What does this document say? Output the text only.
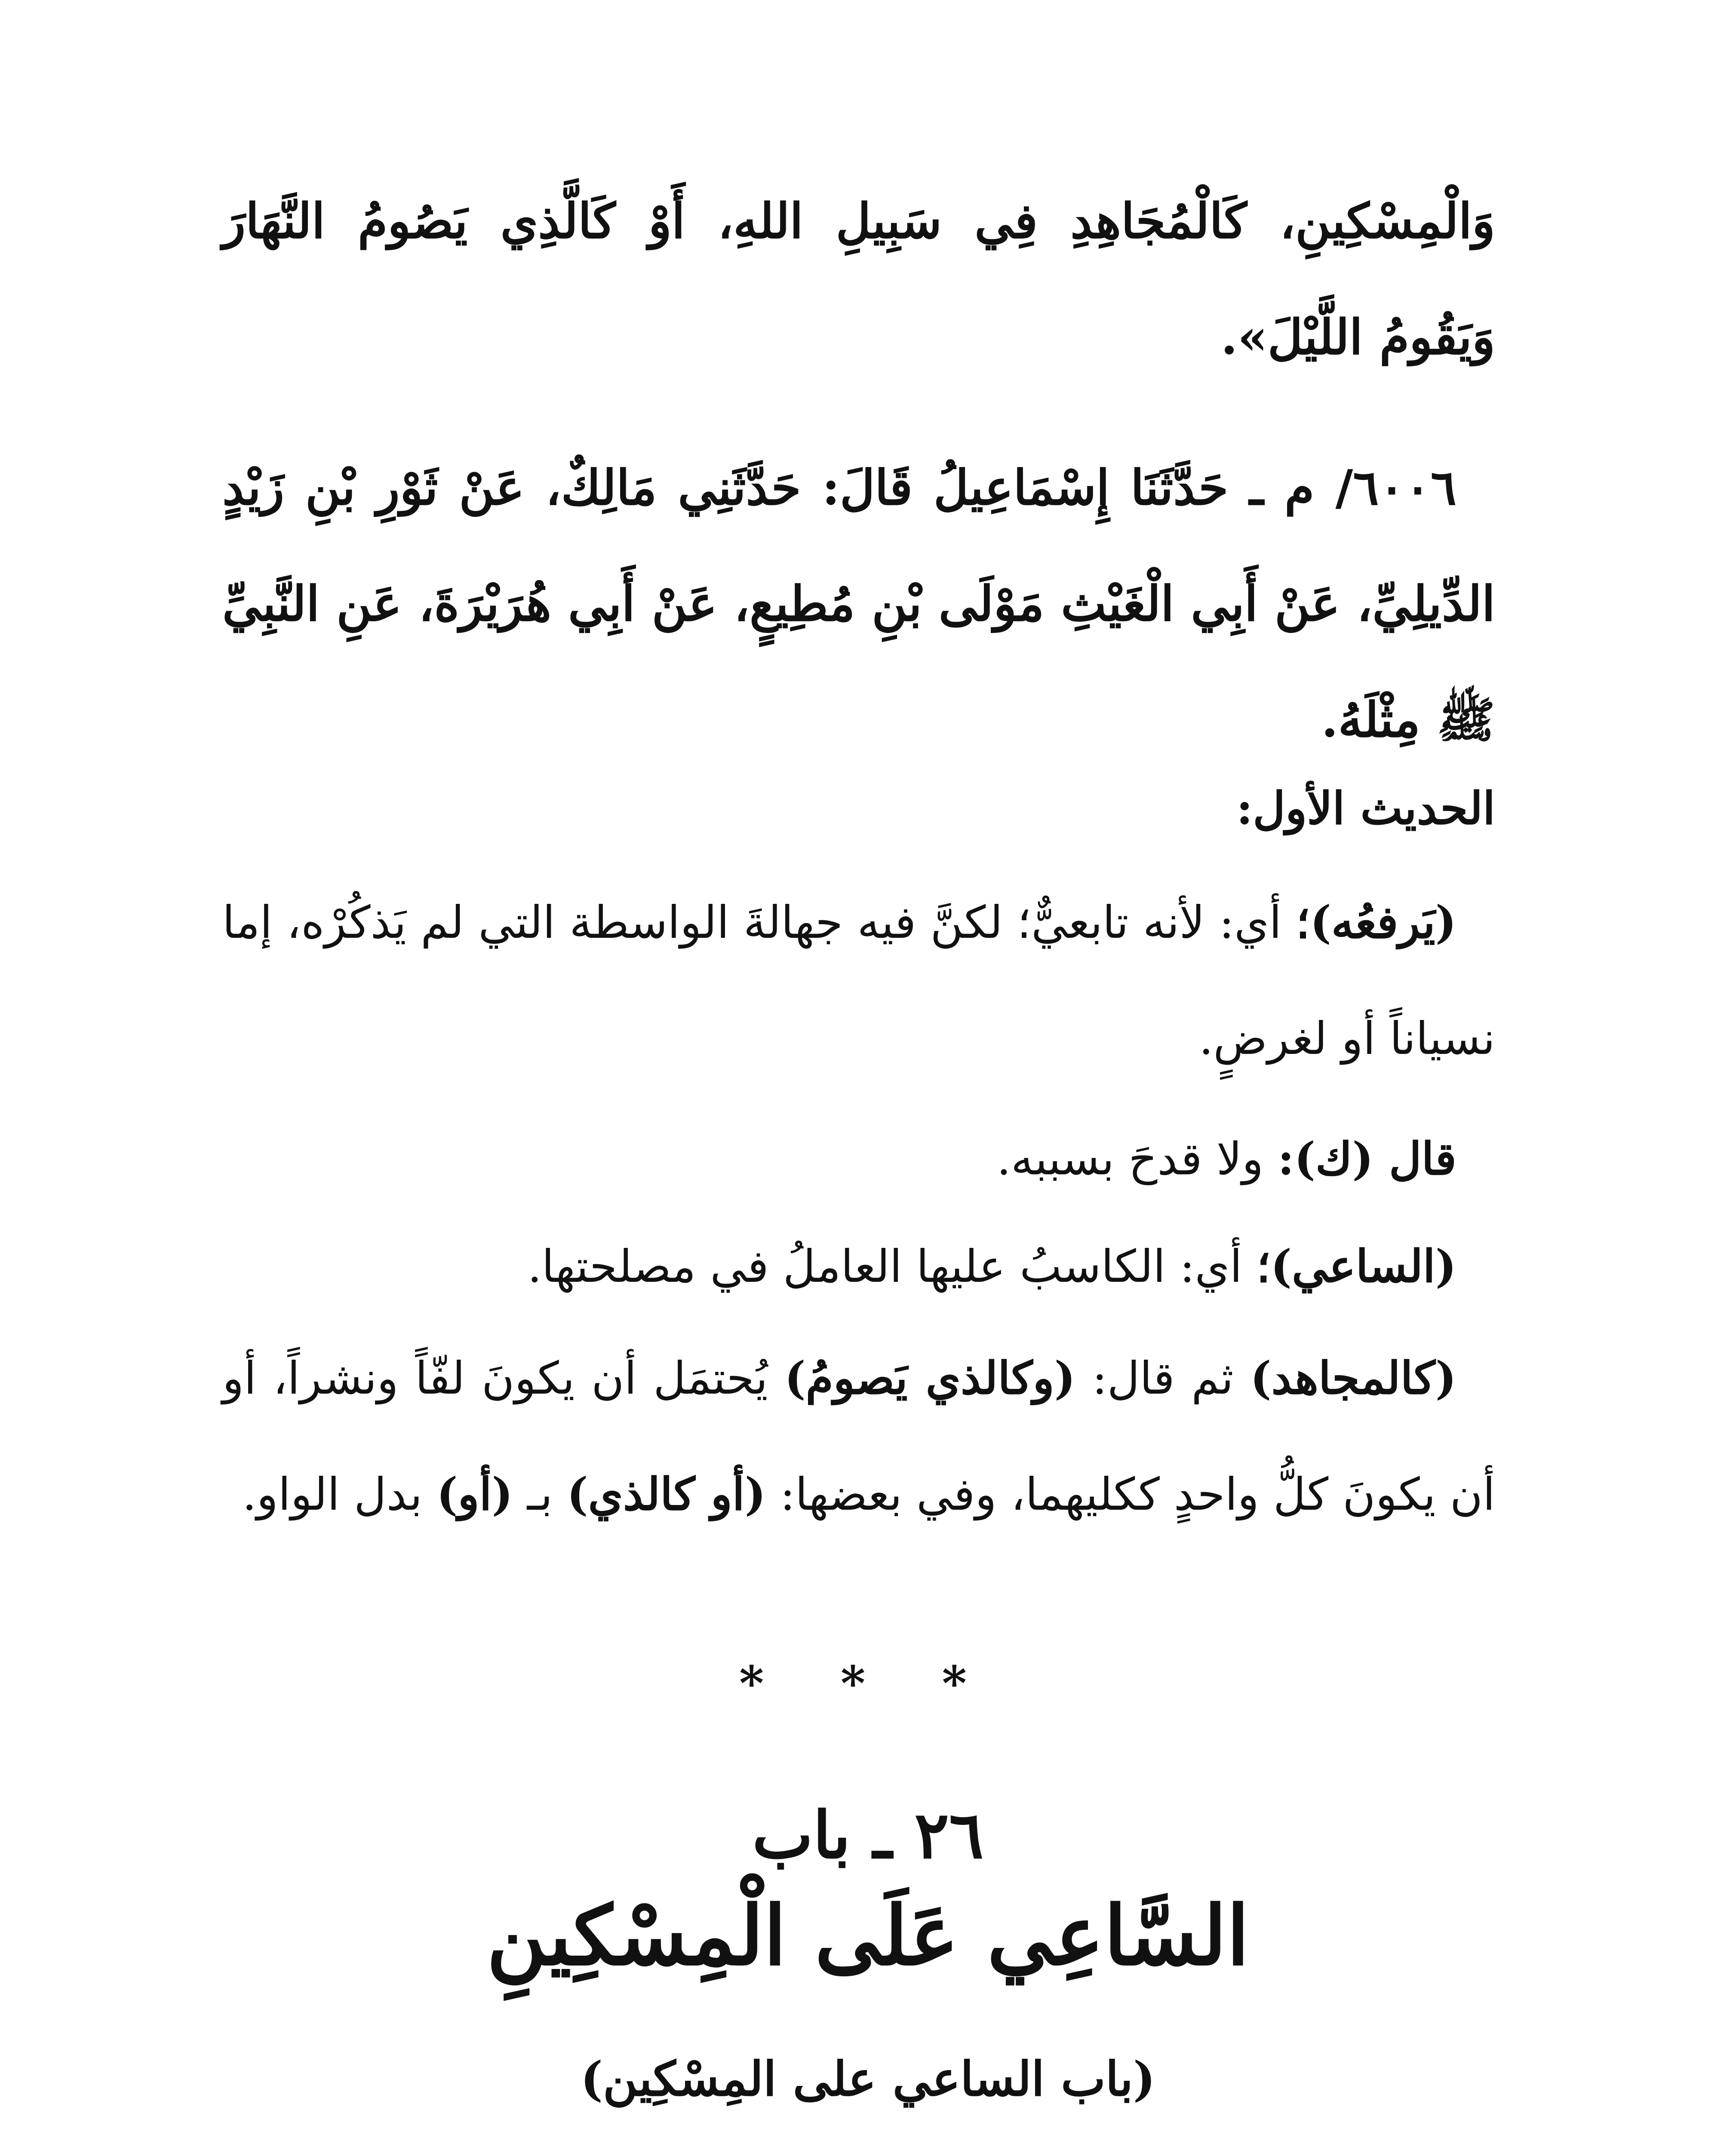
وَالْمِسْكِينِ، كَالْمُجَاهِدِ فِي سَبِيلِ اللهِ، أَوْ كَالَّذِي يَصُومُ النَّهَارَ وَيَقُومُ اللَّيْلَ».
٦٠٠٦/ م ـ حَدَّثَنَا إِسْمَاعِيلُ قَالَ: حَدَّثَنِي مَالِكٌ، عَنْ ثَوْرِ بْنِ زَيْدٍ الدِّيلِيِّ، عَنْ أَبِي الْغَيْثِ مَوْلَى بْنِ مُطِيعٍ، عَنْ أَبِي هُرَيْرَةَ، عَنِ النَّبِيِّ ﷺ مِثْلَهُ.
الحديث الأول:
(يَرفعُه)؛ أي: لأنه تابعيٌّ؛ لكنَّ فيه جهالةَ الواسطة التي لم يَذكُرْه، إما نسياناً أو لغرضٍ.
قال (ك): ولا قدحَ بسببه.
(الساعي)؛ أي: الكاسبُ عليها العاملُ في مصلحتها.
(كالمجاهد) ثم قال: (وكالذي يَصومُ) يُحتمَل أن يكونَ لفّاً ونشراً، أو أن يكونَ كلُّ واحدٍ ككليهما، وفي بعضها: (أو كالذي) بـ (أو) بدل الواو.
* * *
٢٦ ـ باب
السَّاعِي عَلَى الْمِسْكِينِ
(باب الساعي على المِسْكِين)
